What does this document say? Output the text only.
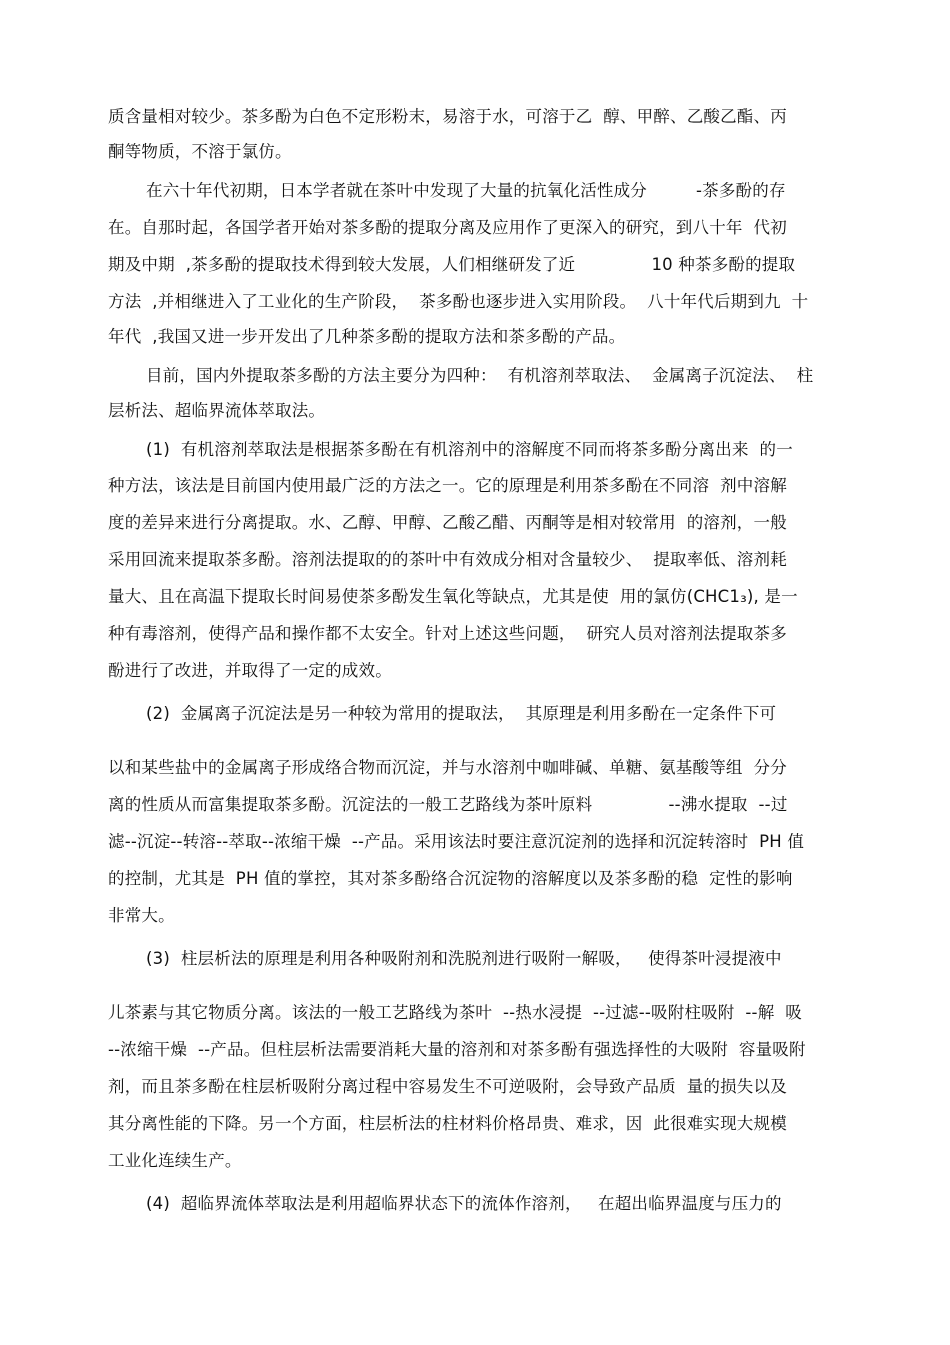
质含量相对较少。茶多酚为白色不定形粉末，易溶于水，可溶于乙  醇、甲醉、乙酸乙酯、丙
酮等物质，不溶于氯仿。
在六十年代初期，日本学者就在茶叶中发现了大量的抗氧化活性成分         -茶多酚的存
在。自那时起，各国学者开始对茶多酚的提取分离及应用作了更深入的研究，到八十年  代初
期及中期  ,茶多酚的提取技术得到较大发展，人们相继研发了近              10 种茶多酚的提取
方法  ,并相继进入了工业化的生产阶段，  茶多酚也逐步进入实用阶段。  八十年代后期到九  十
年代  ,我国又进一步开发出了几种茶多酚的提取方法和茶多酚的产品。
目前，国内外提取茶多酚的方法主要分为四种：  有机溶剂萃取法、  金属离子沉淀法、  柱
层析法、超临界流体萃取法。
(1)  有机溶剂萃取法是根据茶多酚在有机溶剂中的溶解度不同而将茶多酚分离出来  的一
种方法，该法是目前国内使用最广泛的方法之一。它的原理是利用茶多酚在不同溶  剂中溶解
度的差异来进行分离提取。水、乙醇、甲醇、乙酸乙醋、丙酮等是相对较常用  的溶剂，一般
采用回流来提取茶多酚。溶剂法提取的的茶叶中有效成分相对含量较少、  提取率低、溶剂耗
量大、且在高温下提取长时间易使茶多酚发生氧化等缺点，尤其是使  用的氯仿(CHC1₃), 是一
种有毒溶剂，使得产品和操作都不太安全。针对上述这些问题，  研究人员对溶剂法提取茶多
酚进行了改进，并取得了一定的成效。
(2)  金属离子沉淀法是另一种较为常用的提取法，  其原理是利用多酚在一定条件下可
以和某些盐中的金属离子形成络合物而沉淀，并与水溶剂中咖啡碱、单糖、氨基酸等组  分分
离的性质从而富集提取茶多酚。沉淀法的一般工艺路线为茶叶原料              --沸水提取  --过
滤--沉淀--转溶--萃取--浓缩干燥  --产品。采用该法时要注意沉淀剂的选择和沉淀转溶时  PH 值
的控制，尤其是  PH 值的掌控，其对茶多酚络合沉淀物的溶解度以及茶多酚的稳  定性的影响
非常大。
(3)  柱层析法的原理是利用各种吸附剂和洗脱剂进行吸附一解吸，   使得茶叶浸提液中
儿茶素与其它物质分离。该法的一般工艺路线为茶叶  --热水浸提  --过滤--吸附柱吸附  --解  吸
--浓缩干燥  --产品。但柱层析法需要消耗大量的溶剂和对茶多酚有强选择性的大吸附  容量吸附
剂，而且茶多酚在柱层析吸附分离过程中容易发生不可逆吸附，会导致产品质  量的损失以及
其分离性能的下降。另一个方面，柱层析法的柱材料价格昂贵、难求，因  此很难实现大规模
工业化连续生产。
(4)  超临界流体萃取法是利用超临界状态下的流体作溶剂，   在超出临界温度与压力的
